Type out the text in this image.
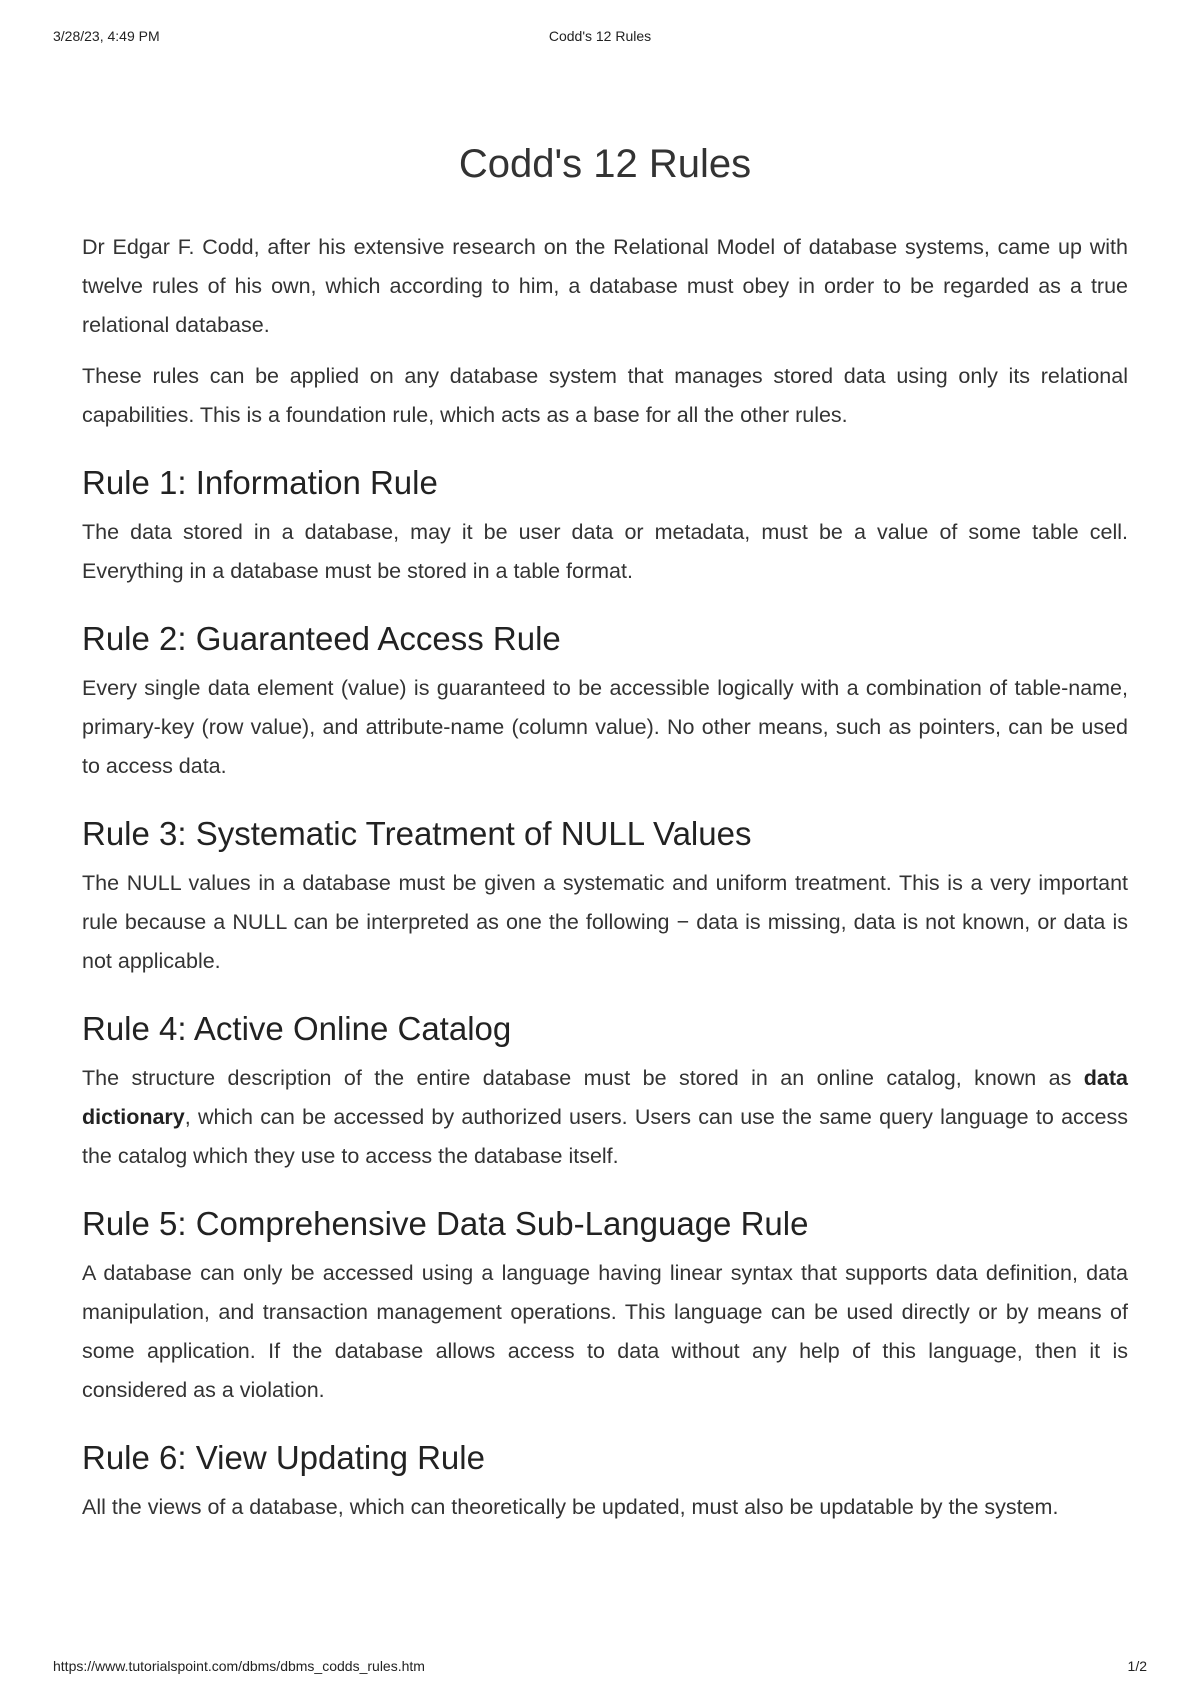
3/28/23, 4:49 PM	Codd's 12 Rules
Codd's 12 Rules

Dr Edgar F. Codd, after his extensive research on the Relational Model of database systems, came up with twelve rules of his own, which according to him, a database must obey in order to be regarded as a true relational database.

These rules can be applied on any database system that manages stored data using only its relational capabilities. This is a foundation rule, which acts as a base for all the other rules.

Rule 1: Information Rule

The data stored in a database, may it be user data or metadata, must be a value of some table cell. Everything in a database must be stored in a table format.

Rule 2: Guaranteed Access Rule

Every single data element (value) is guaranteed to be accessible logically with a combination of table-name, primary-key (row value), and attribute-name (column value). No other means, such as pointers, can be used to access data.

Rule 3: Systematic Treatment of NULL Values

The NULL values in a database must be given a systematic and uniform treatment. This is a very important rule because a NULL can be interpreted as one the following − data is missing, data is not known, or data is not applicable.

Rule 4: Active Online Catalog

The structure description of the entire database must be stored in an online catalog, known as data dictionary, which can be accessed by authorized users. Users can use the same query language to access the catalog which they use to access the database itself.

Rule 5: Comprehensive Data Sub-Language Rule

A database can only be accessed using a language having linear syntax that supports data definition, data manipulation, and transaction management operations. This language can be used directly or by means of some application. If the database allows access to data without any help of this language, then it is considered as a violation.

Rule 6: View Updating Rule

All the views of a database, which can theoretically be updated, must also be updatable by the system.

https://www.tutorialspoint.com/dbms/dbms_codds_rules.htm	1/2
